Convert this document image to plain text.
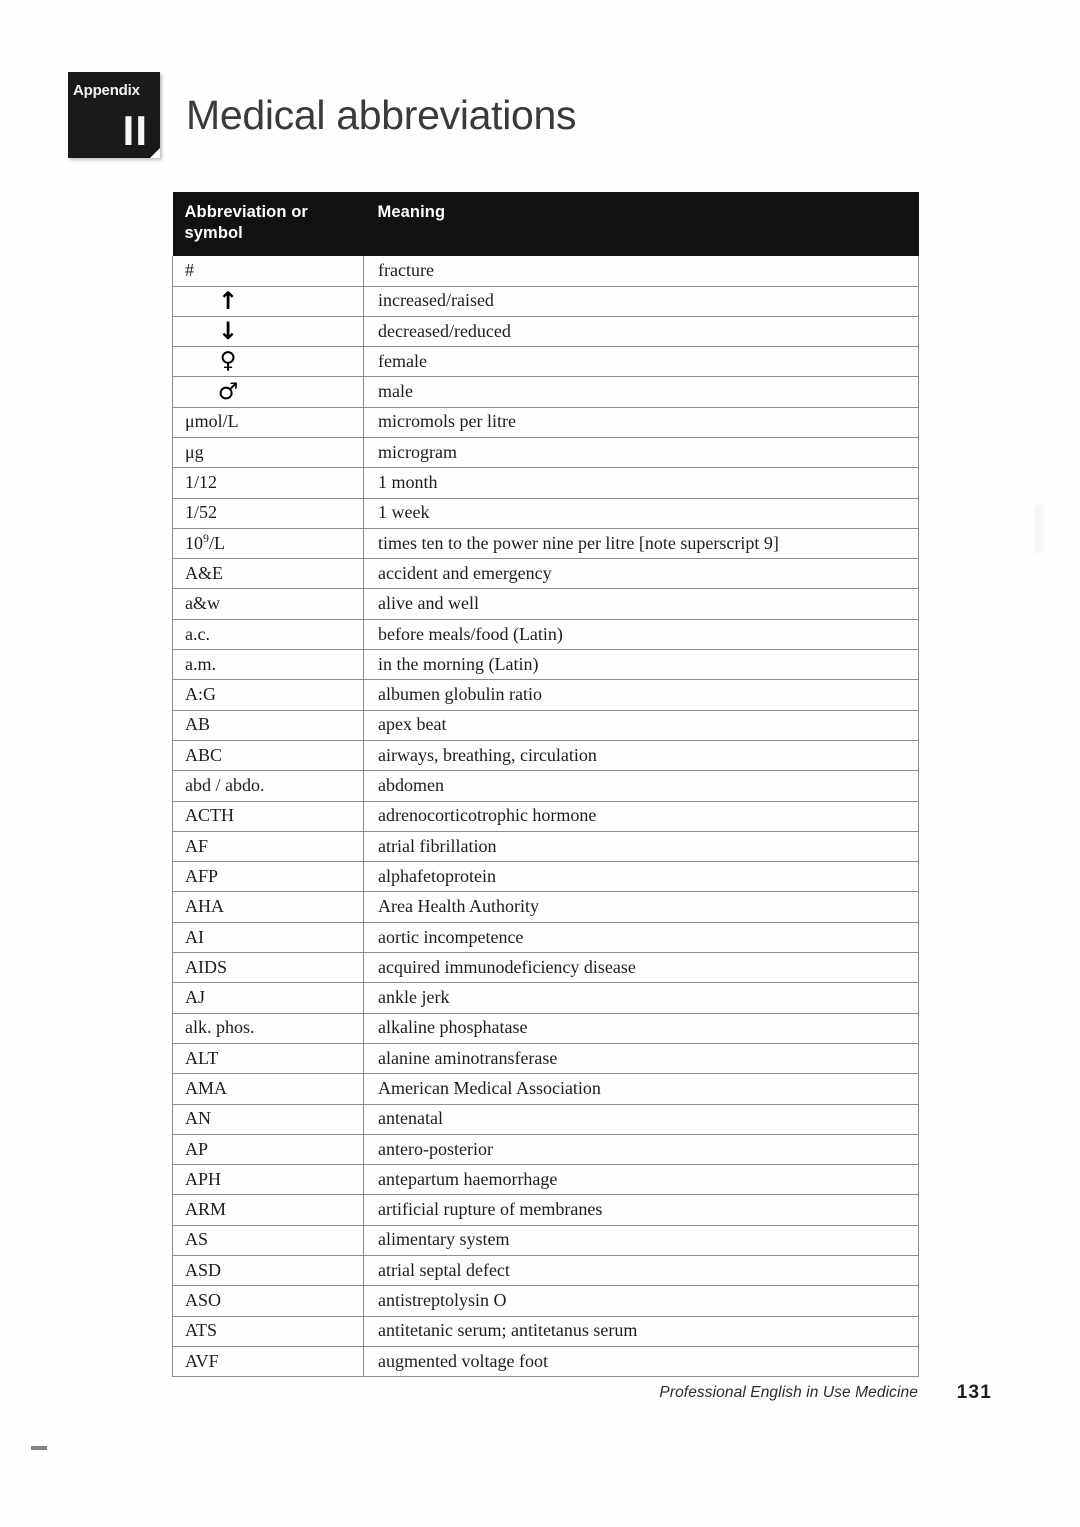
Appendix
II Medical abbreviations
Abbreviation or symbol	Meaning
#	fracture
↑	increased/raised
↓	decreased/reduced
♀	female
♂	male
μmol/L	micromols per litre
μg	microgram
1/12	1 month
1/52	1 week
$10^9/L$	times ten to the power nine per litre [note superscript 9]
A&E	accident and emergency
a&w	alive and well
a.c.	before meals/food (Latin)
a.m.	in the morning (Latin)
A:G	albumen globulin ratio
AB	apex beat
ABC	airways, breathing, circulation
abd / abdo.	abdomen
ACTH	adrenocorticotrophic hormone
AF	atrial fibrillation
AFP	alphafetoprotein
AHA	Area Health Authority
AI	aortic incompetence
AIDS	acquired immunodeficiency disease
AJ	ankle jerk
alk. phos.	alkaline phosphatase
ALT	alanine aminotransferase
AMA	American Medical Association
AN	antenatal
AP	antero-posterior
APH	antepartum haemorrhage
ARM	artificial rupture of membranes
AS	alimentary system
ASD	atrial septal defect
ASO	antistreptolysin O
ATS	antitetanic serum; antitetanus serum
AVF	augmented voltage foot
Professional English in Use Medicine 131
